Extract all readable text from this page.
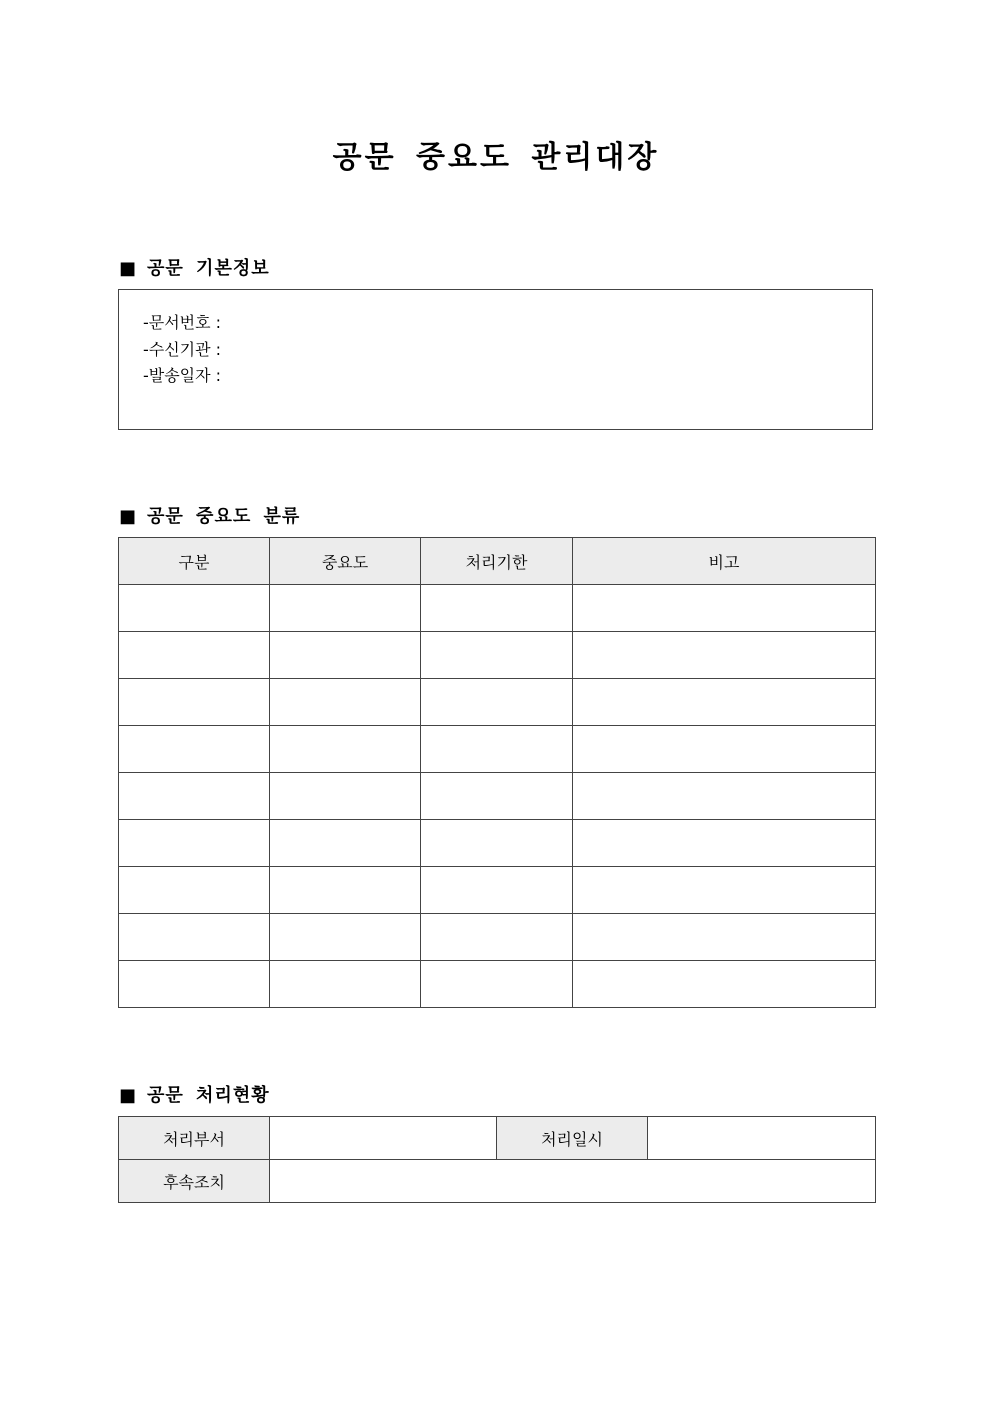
공문 중요도 관리대장
■ 공문 기본정보
-문서번호 :
-수신기관 :
-발송일자 :
■ 공문 중요도 분류
구분	중요도	처리기한	비고

■ 공문 처리현황
처리부서		처리일시	
후속조치			
